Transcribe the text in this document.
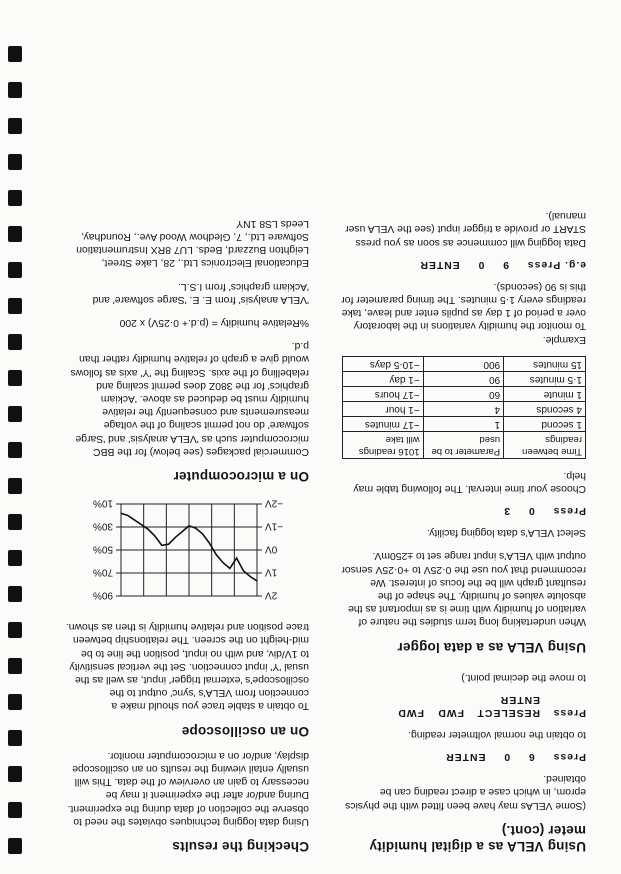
Using VELA as a digital humidity meter (cont.)

(Some VELAs may have been fitted with the physics eprom, in which case a direct reading can be obtained.

Press 6 0 ENTER

to obtain the normal voltmeter reading.

Press
RESELECT
FWD
FWD
ENTER

to move the decimal point.)

Using VELA as a data logger

When undertaking long term studies the nature of variation of humidity with time is as important as the absolute values of humidity. The shape of the resultant graph will be the focus of interest. We recommend that you use the 0·25V to +0·25V sensor output with VELA's input range set to ±250mV.

Select VELA's data logging facility.

Press 0 3

Choose your time interval. The following table may help.

Time between readings	Parameter to be used	1016 readings will take
1 second	1	~17 minutes
4 seconds	4	~1 hour
1 minute	60	~17 hours
1·5 minutes	90	~1 day
15 minutes	900	~10·5 days

Example.

To monitor the humidity variations in the laboratory over a period of 1 day as pupils enter and leave, take readings every 1·5 minutes. The timing parameter for this is 90 (seconds).

e.g. Press 9 0 ENTER

Data logging will commence as soon as you press START or provide a trigger input (see the VELA user manual).

Checking the results

Using data logging techniques obviates the need to observe the collection of data during the experiment. During and/or after the experiment it may be necessary to gain an overview of the data. This will usually entail viewing the results on an oscilloscope display, and/or on a microcomputer monitor.

On an oscilloscope

To obtain a stable trace you should make a connection from VELA's 'sync' output to the oscilloscope's 'external trigger' input, as well as the usual 'Y' input connection. Set the vertical sensitivity to 1V/div, and with no input, position the line to be mid-height on the screen. The relationship between trace position and relative humidity is then as shown.

2V
1V
0V
−1V
−2V
90%
70%
50%
30%
10%
On a microcomputer

Commercial packages (see below) for the BBC microcomputer such as 'VELA analysis' and 'Sarge software' do not permit scaling of the voltage measurements and consequently the relative humidity must be deduced as above. 'Ackiam graphics' for the 380Z does permit scaling and relabelling of the axis. Scaling the 'Y' axis as follows would give a graph of relative humidity rather than p.d.

%Relative humidity = (p.d.+ 0·25V) x 200

'VELA analysis' from E. E. 'Sarge software' and 'Ackiam graphics' from I.S.L.

Educational Electronics Ltd., 28, Lake Street, Leighton Buzzard, Beds. LU7 8RX Instrumentation Software Ltd., 7, Gledhow Wood Ave., Roundhay, Leeds LS8 1NY
